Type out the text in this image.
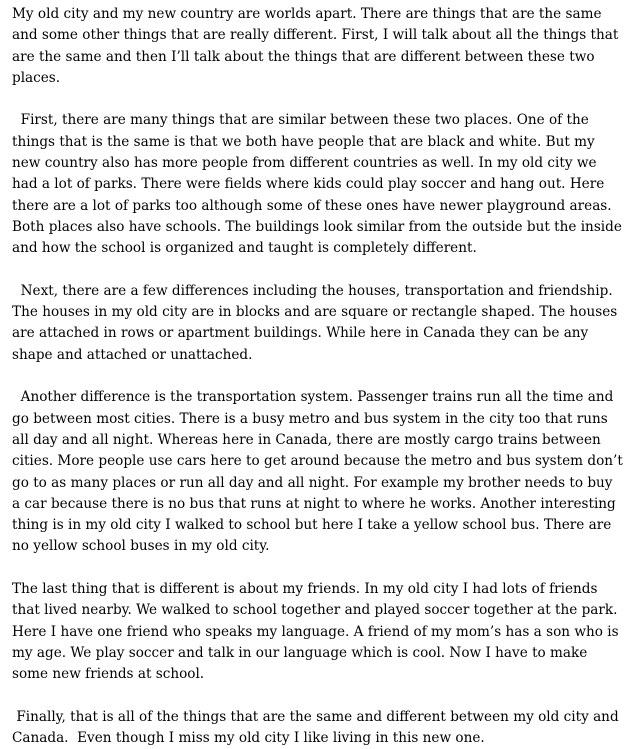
My old city and my new country are worlds apart. There are things that are the same and some other things that are really different. First, I will talk about all the things that are the same and then I’ll talk about the things that are different between these two places.

First, there are many things that are similar between these two places. One of the things that is the same is that we both have people that are black and white. But my new country also has more people from different countries as well. In my old city we had a lot of parks. There were fields where kids could play soccer and hang out. Here there are a lot of parks too although some of these ones have newer playground areas. Both places also have schools. The buildings look similar from the outside but the inside and how the school is organized and taught is completely different.

Next, there are a few differences including the houses, transportation and friendship. The houses in my old city are in blocks and are square or rectangle shaped. The houses are attached in rows or apartment buildings. While here in Canada they can be any shape and attached or unattached.

Another difference is the transportation system. Passenger trains run all the time and go between most cities. There is a busy metro and bus system in the city too that runs all day and all night. Whereas here in Canada, there are mostly cargo trains between cities. More people use cars here to get around because the metro and bus system don’t go to as many places or run all day and all night. For example my brother needs to buy a car because there is no bus that runs at night to where he works. Another interesting thing is in my old city I walked to school but here I take a yellow school bus. There are no yellow school buses in my old city.

The last thing that is different is about my friends. In my old city I had lots of friends that lived nearby. We walked to school together and played soccer together at the park. Here I have one friend who speaks my language. A friend of my mom’s has a son who is my age. We play soccer and talk in our language which is cool. Now I have to make some new friends at school.

Finally, that is all of the things that are the same and different between my old city and Canada.  Even though I miss my old city I like living in this new one.
